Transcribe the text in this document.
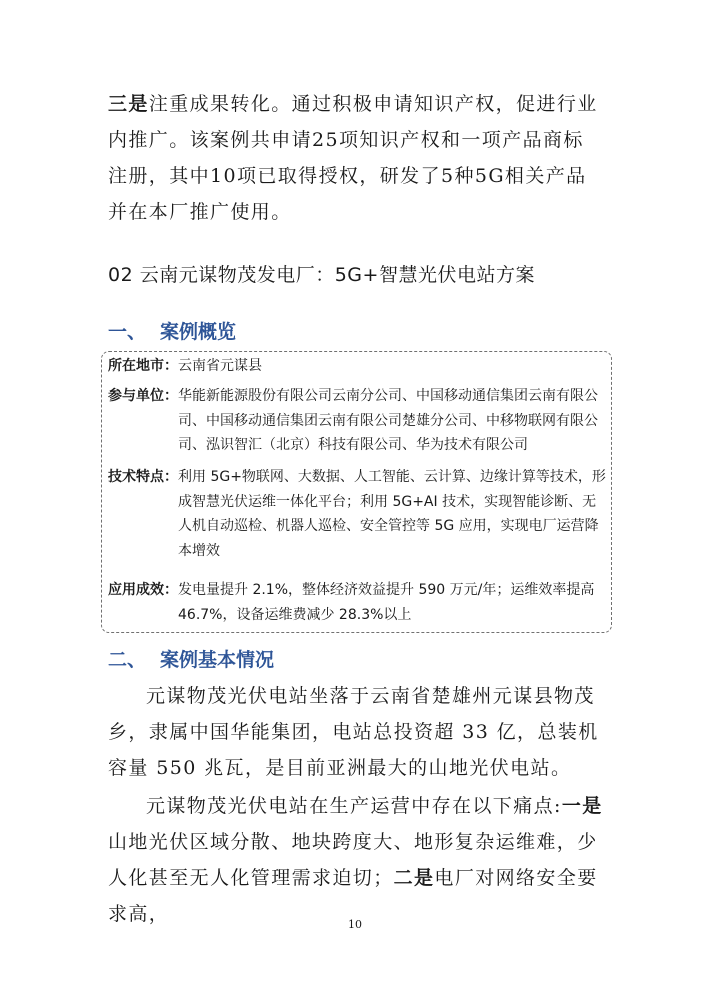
三是注重成果转化。通过积极申请知识产权，促进行业内推广。该案例共申请25项知识产权和一项产品商标注册，其中10项已取得授权，研发了5种5G相关产品并在本厂推广使用。

02 云南元谋物茂发电厂：5G+智慧光伏电站方案

一、 案例概览
所在地市： 云南省元谋县
参与单位： 华能新能源股份有限公司云南分公司、中国移动通信集团云南有限公司、中国移动通信集团云南有限公司楚雄分公司、中移物联网有限公司、泓识智汇（北京）科技有限公司、华为技术有限公司
技术特点： 利用 5G+物联网、大数据、人工智能、云计算、边缘计算等技术，形成智慧光伏运维一体化平台；利用 5G+AI 技术，实现智能诊断、无人机自动巡检、机器人巡检、安全管控等 5G 应用，实现电厂运营降本增效
应用成效： 发电量提升 2.1%，整体经济效益提升 590 万元/年；运维效率提高 46.7%，设备运维费减少 28.3%以上
二、 案例基本情况

元谋物茂光伏电站坐落于云南省楚雄州元谋县物茂乡，隶属中国华能集团，电站总投资超 33 亿，总装机容量 550 兆瓦，是目前亚洲最大的山地光伏电站。

元谋物茂光伏电站在生产运营中存在以下痛点:一是山地光伏区域分散、地块跨度大、地形复杂运维难，少人化甚至无人化管理需求迫切；二是电厂对网络安全要求高，	10
